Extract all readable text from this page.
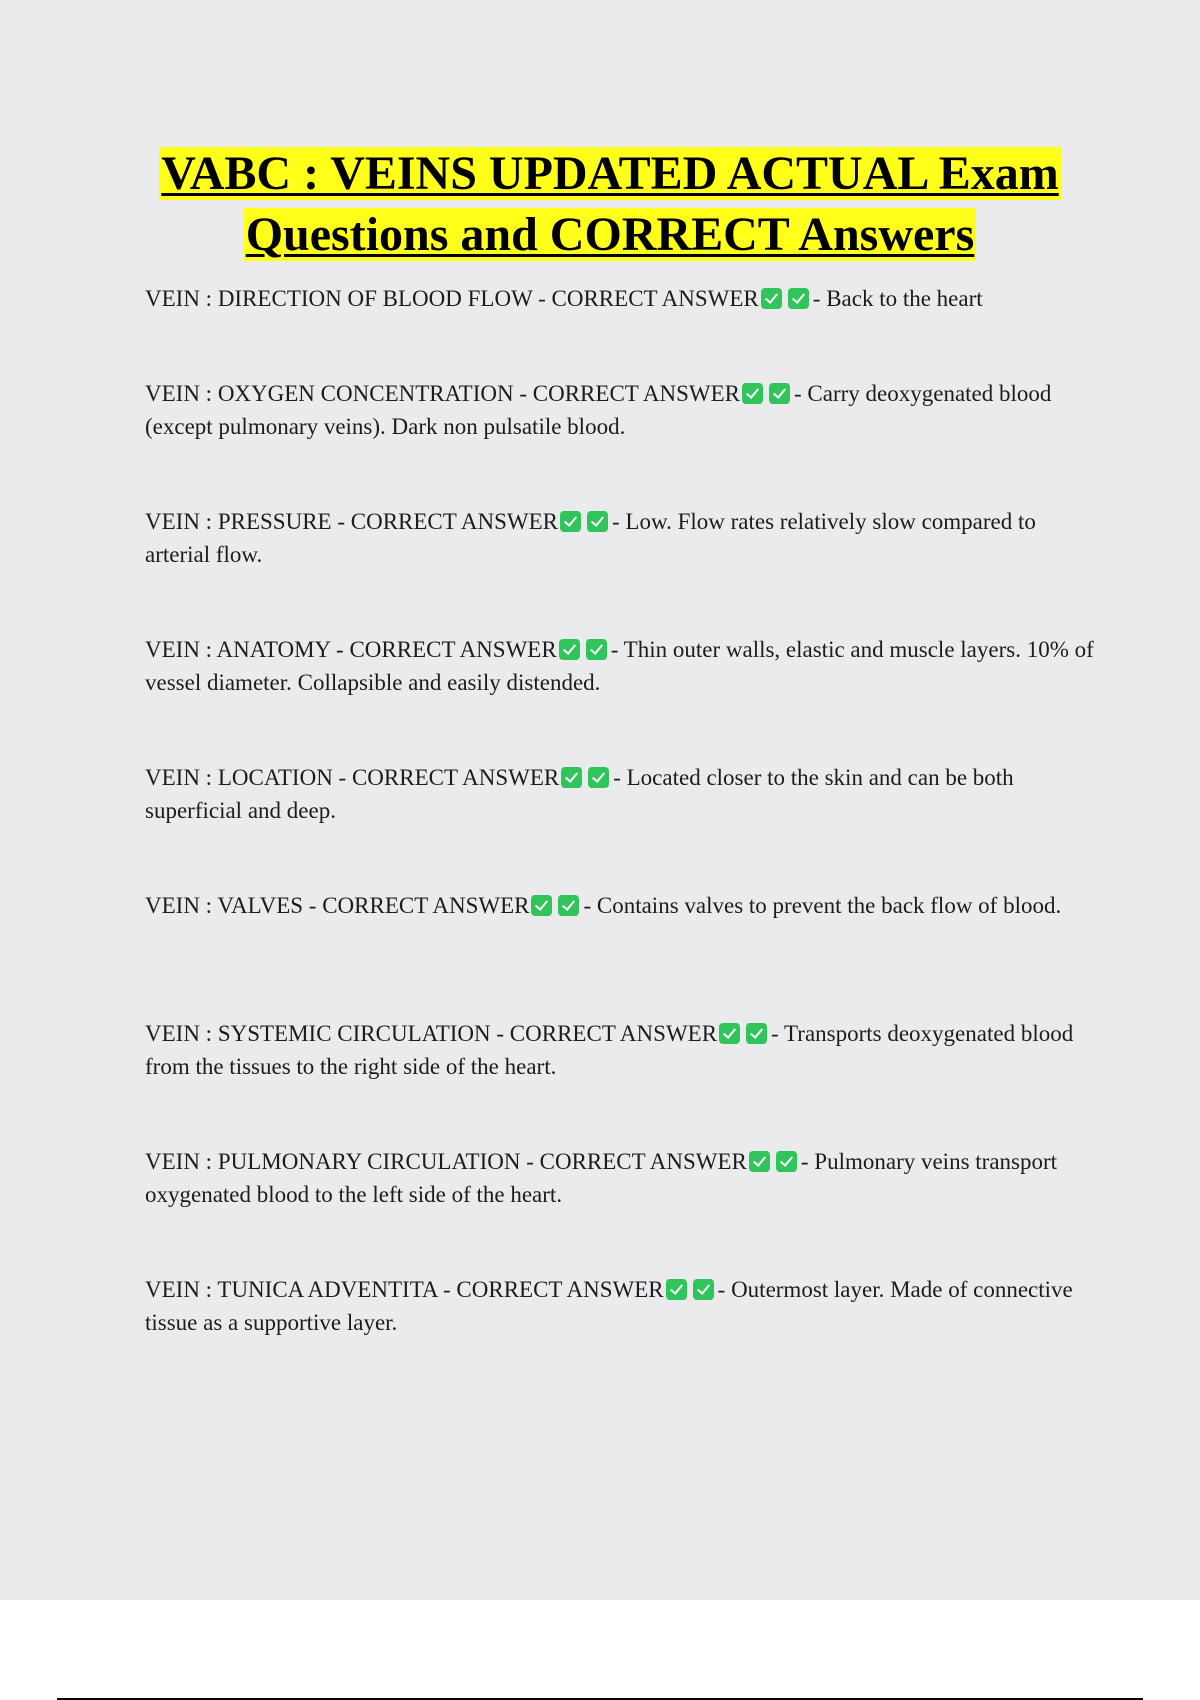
VABC : VEINS UPDATED ACTUAL Exam
Questions and CORRECT Answers
VEIN : DIRECTION OF BLOOD FLOW - CORRECT ANSWER - Back to the heart
VEIN : OXYGEN CONCENTRATION - CORRECT ANSWER - Carry deoxygenated blood (except pulmonary veins). Dark non pulsatile blood.
VEIN : PRESSURE - CORRECT ANSWER - Low. Flow rates relatively slow compared to arterial flow.
VEIN : ANATOMY - CORRECT ANSWER - Thin outer walls, elastic and muscle layers. 10% of vessel diameter. Collapsible and easily distended.
VEIN : LOCATION - CORRECT ANSWER - Located closer to the skin and can be both superficial and deep.
VEIN : VALVES - CORRECT ANSWER - Contains valves to prevent the back flow of blood.
VEIN : SYSTEMIC CIRCULATION - CORRECT ANSWER - Transports deoxygenated blood from the tissues to the right side of the heart.
VEIN : PULMONARY CIRCULATION - CORRECT ANSWER - Pulmonary veins transport oxygenated blood to the left side of the heart.
VEIN : TUNICA ADVENTITA - CORRECT ANSWER - Outermost layer. Made of connective tissue as a supportive layer.
